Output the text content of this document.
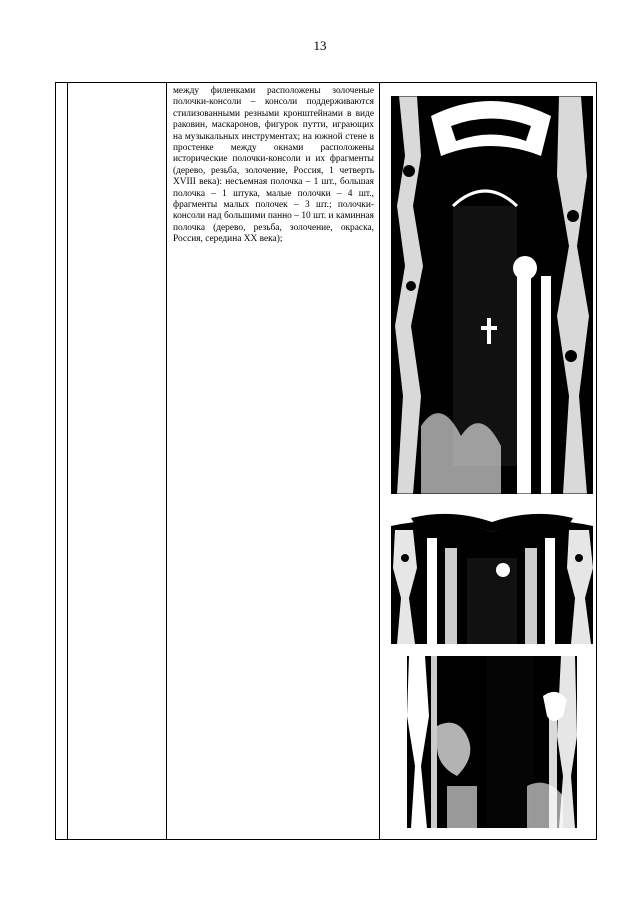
13

между филенками расположены золоченые полочки-консоли – консоли поддерживаются стилизованными резными кронштейнами в виде раковин, маскаронов, фигурок путти, играющих на музыкальных инструментах; на южной стене в простенке между окнами расположены исторические полочки-консоли и их фрагменты (дерево, резьба, золочение, Россия, 1 четверть XVIII века): несъемная полочка – 1 шт., большая полочка – 1 штука, малые полочки – 4 шт., фрагменты малых полочек – 3 шт.; полочки-консоли над большими панно – 10 шт. и каминная полочка (дерево, резьба, золочение, окраска, Россия, середина XX века);
